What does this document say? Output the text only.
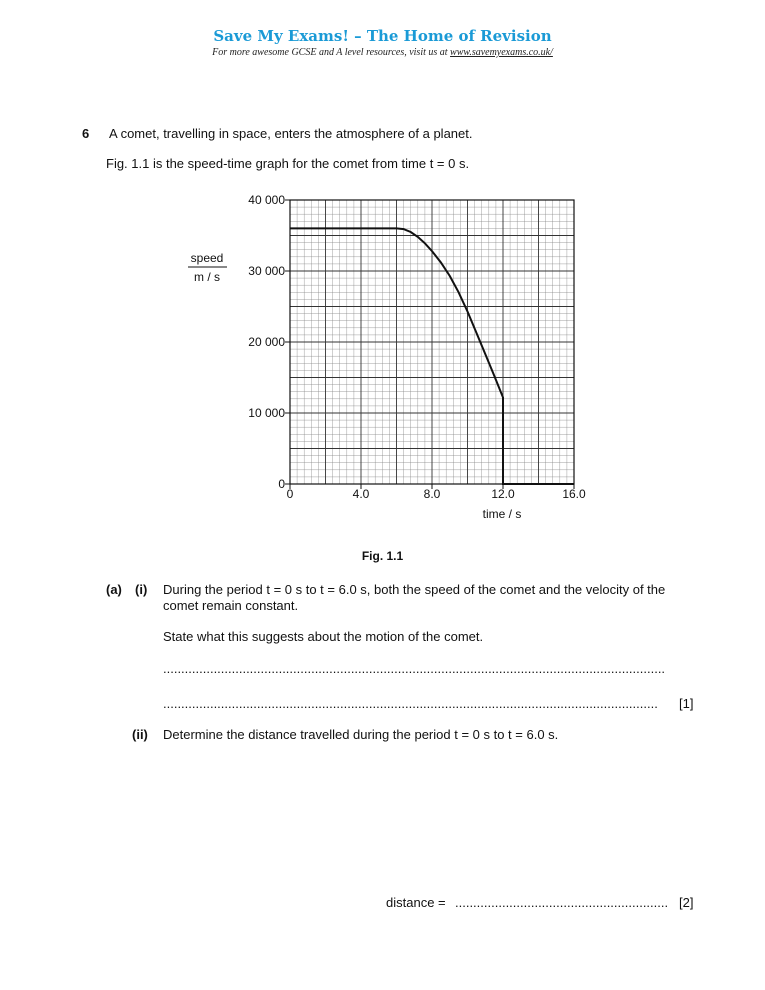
Save My Exams! – The Home of Revision
For more awesome GCSE and A level resources, visit us at www.savemyexams.co.uk/
6 A comet, travelling in space, enters the atmosphere of a planet.
Fig. 1.1 is the speed-time graph for the comet from time t = 0 s.
0	4.0	8.0	12.0	16.0
0
10 000
20 000
30 000
40 000
speed
m / s
time / s
Fig. 1.1
(a) (i) During the period t = 0 s to t = 6.0 s, both the speed of the comet and the velocity of the
comet remain constant.
State what this suggests about the motion of the comet.
...........................................................................................................................................
.........................................................................................................................................	[1]
(ii) Determine the distance travelled during the period t = 0 s to t = 6.0 s.
distance = ........................................................... [2]
